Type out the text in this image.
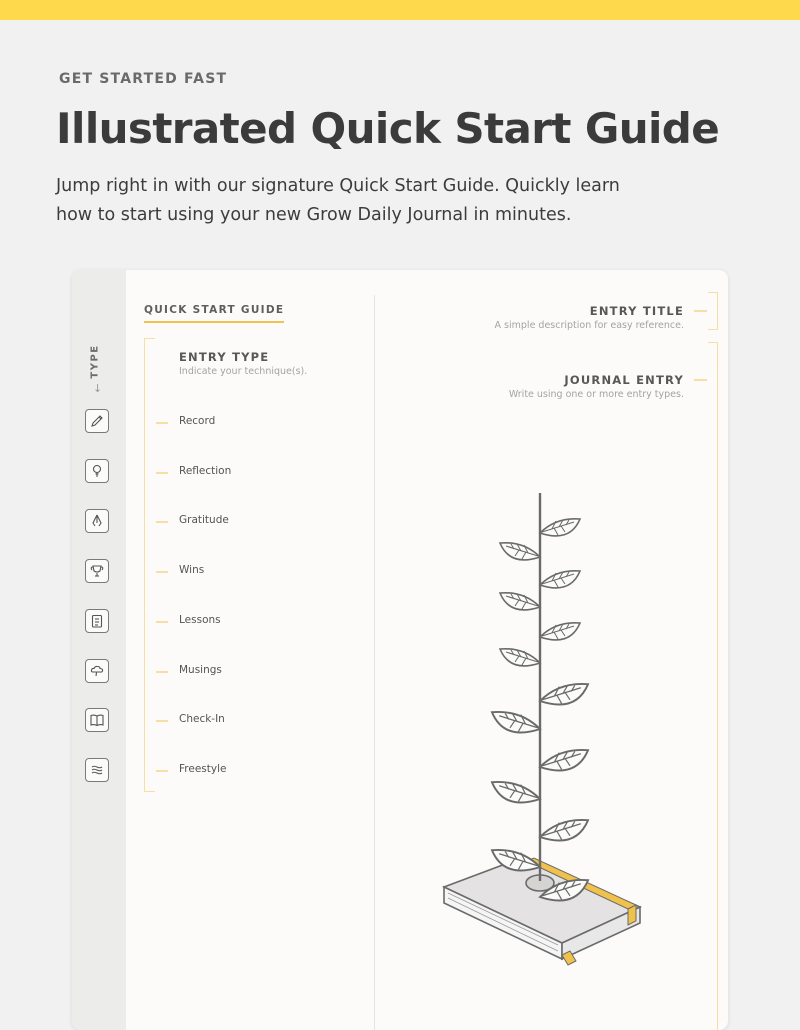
GET STARTED FAST
Illustrated Quick Start Guide
Jump right in with our signature Quick Start Guide. Quickly learn how to start using your new Grow Daily Journal in minutes.
TYPE
↓
QUICK START GUIDE
ENTRY TYPE
Indicate your technique(s).
Record
Reflection
Gratitude
Wins
Lessons
Musings
Check-In
Freestyle
ENTRY TITLE
A simple description for easy reference.
JOURNAL ENTRY
Write using one or more entry types.
